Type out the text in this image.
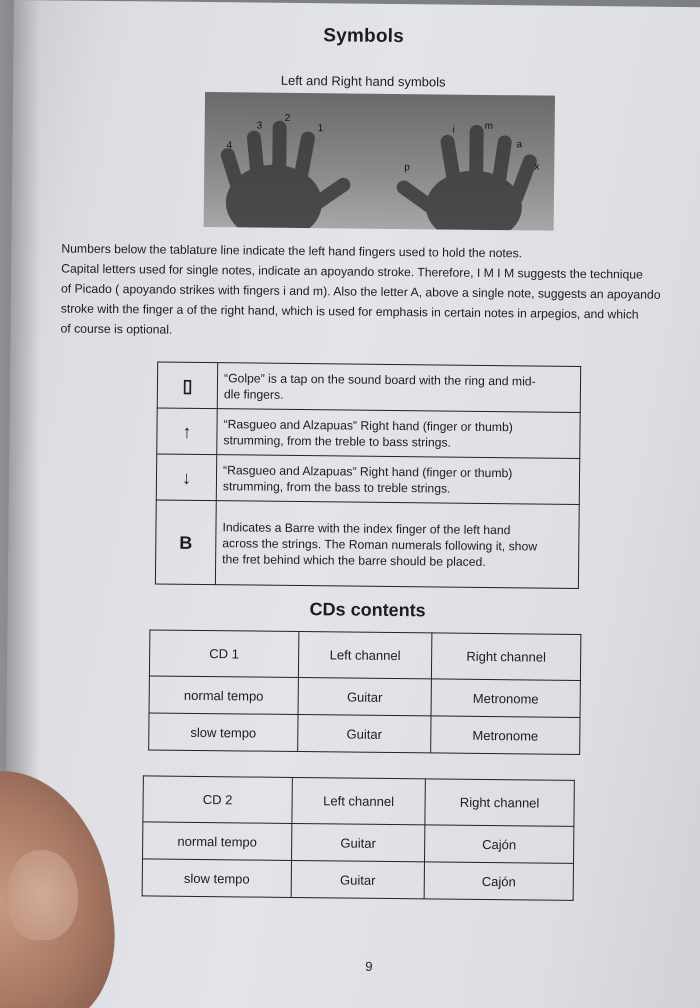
Symbols
Left and Right hand symbols
4
3
2
1
p
i	m
a
x

Numbers below the tablature line indicate the left hand fingers used to hold the notes.

Capital letters used for single notes, indicate an apoyando stroke. Therefore, I M I M suggests the technique

of Picado ( apoyando strikes with fingers i and m). Also the letter A, above a single note, suggests an apoyando

stroke with the finger a of the right hand, which is used for emphasis in certain notes in arpegios, and which

of course is optional.

▯	“Golpe” is a tap on the sound board with the ring and mid-
dle fingers.

↑	“Rasgueo and Alzapuas” Right hand (finger or thumb)
strumming, from the treble to bass strings.

↓	“Rasgueo and Alzapuas” Right hand (finger or thumb)
strumming, from the bass to treble strings.

B	Indicates a Barre with the index finger of the left hand
across the strings. The Roman numerals following it, show
the fret behind which the barre should be placed.
CDs contents
CD 1	Left channel	Right channel
normal tempo	Guitar	Metronome
slow tempo	Guitar	Metronome
CD 2	Left channel	Right channel
normal tempo	Guitar	Cajón
slow tempo	Guitar	Cajón
9
